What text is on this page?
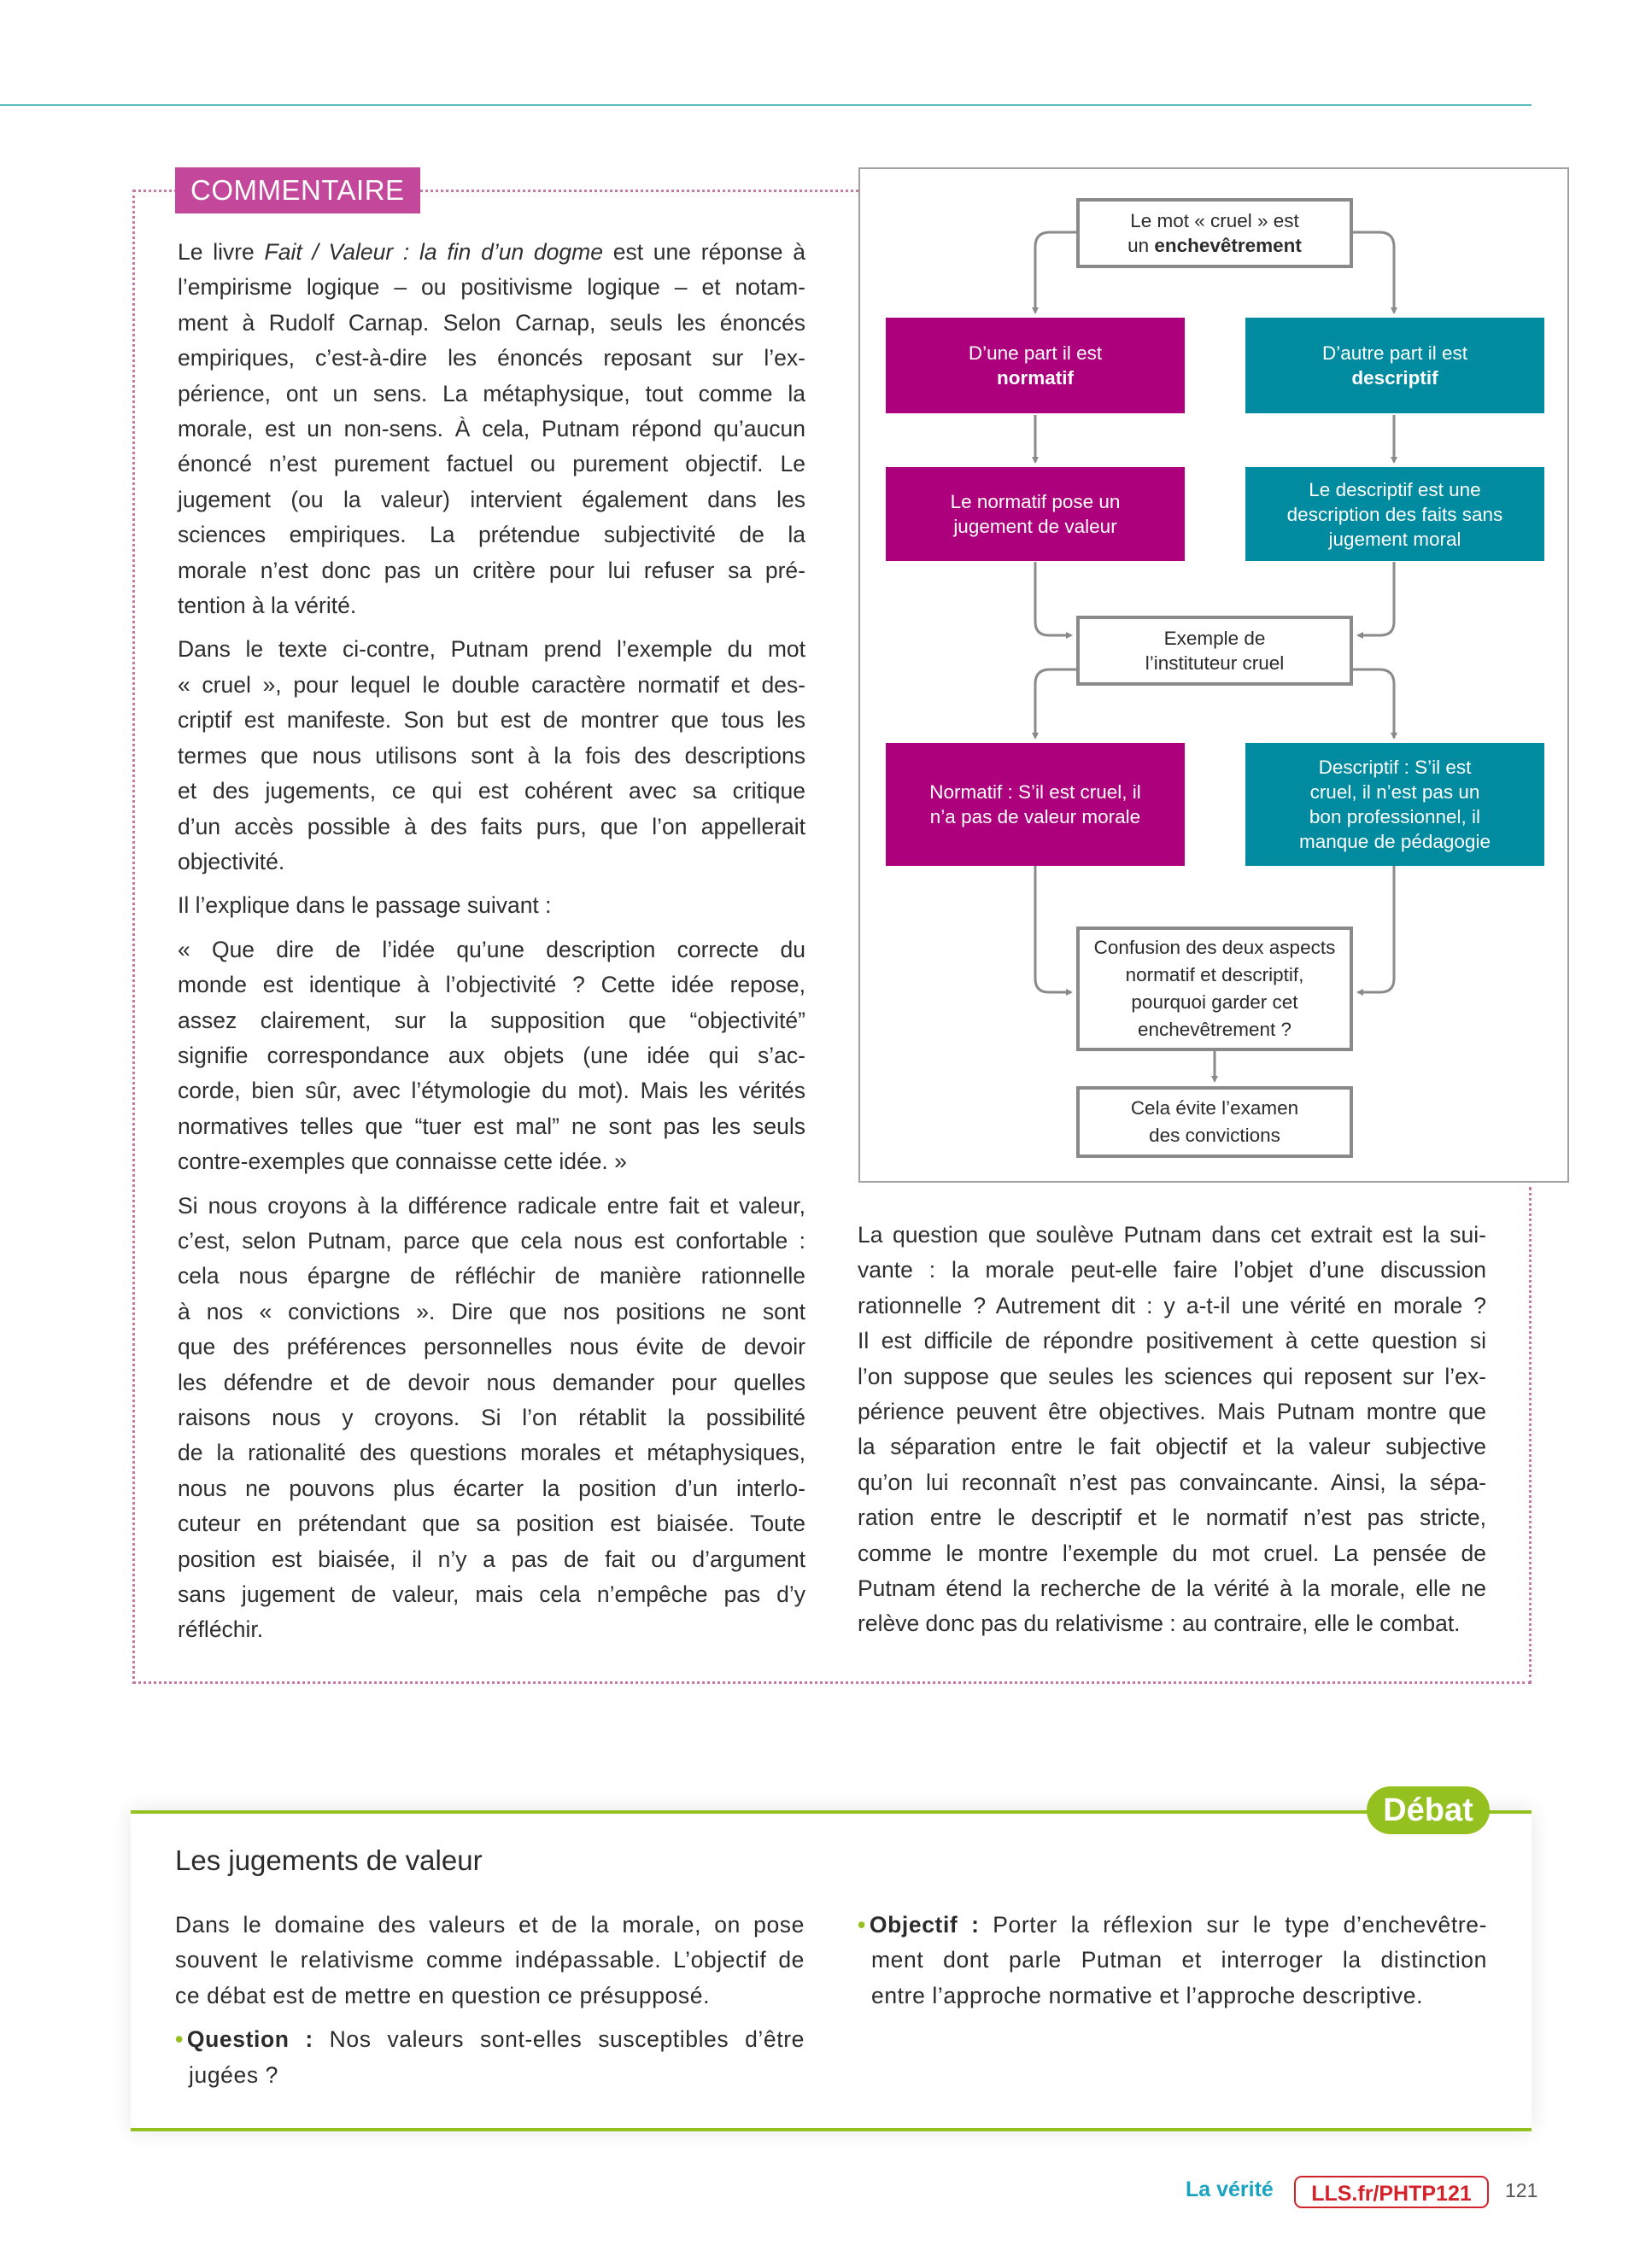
COMMENTAIRE
Le livre Fait / Valeur : la fin d’un dogme est une réponse à
l’empirisme logique – ou positivisme logique – et notam-
ment à Rudolf Carnap. Selon Carnap, seuls les énoncés
empiriques, c’est-à-dire les énoncés reposant sur l’ex-
périence, ont un sens. La métaphysique, tout comme la
morale, est un non-sens. À cela, Putnam répond qu’aucun
énoncé n’est purement factuel ou purement objectif. Le
jugement (ou la valeur) intervient également dans les
sciences empiriques. La prétendue subjectivité de la
morale n’est donc pas un critère pour lui refuser sa pré-
tention à la vérité.
Dans le texte ci-contre, Putnam prend l’exemple du mot
« cruel », pour lequel le double caractère normatif et des-
criptif est manifeste. Son but est de montrer que tous les
termes que nous utilisons sont à la fois des descriptions
et des jugements, ce qui est cohérent avec sa critique
d’un accès possible à des faits purs, que l’on appellerait
objectivité.
Il l’explique dans le passage suivant :
« Que dire de l’idée qu’une description correcte du
monde est identique à l’objectivité ? Cette idée repose,
assez clairement, sur la supposition que “objectivité”
signifie correspondance aux objets (une idée qui s’ac-
corde, bien sûr, avec l’étymologie du mot). Mais les vérités
normatives telles que “tuer est mal” ne sont pas les seuls
contre-exemples que connaisse cette idée. »
Si nous croyons à la différence radicale entre fait et valeur,
c’est, selon Putnam, parce que cela nous est confortable :
cela nous épargne de réfléchir de manière rationnelle
à nos « convictions ». Dire que nos positions ne sont
que des préférences personnelles nous évite de devoir
les défendre et de devoir nous demander pour quelles
raisons nous y croyons. Si l’on rétablit la possibilité
de la rationalité des questions morales et métaphysiques,
nous ne pouvons plus écarter la position d’un interlo-
cuteur en prétendant que sa position est biaisée. Toute
position est biaisée, il n’y a pas de fait ou d’argument
sans jugement de valeur, mais cela n’empêche pas d’y
réfléchir.
La question que soulève Putnam dans cet extrait est la sui-
vante : la morale peut-elle faire l’objet d’une discussion
rationnelle ? Autrement dit : y a-t-il une vérité en morale ?
Il est difficile de répondre positivement à cette question si
l’on suppose que seules les sciences qui reposent sur l’ex-
périence peuvent être objectives. Mais Putnam montre que
la séparation entre le fait objectif et la valeur subjective
qu’on lui reconnaît n’est pas convaincante. Ainsi, la sépa-
ration entre le descriptif et le normatif n’est pas stricte,
comme le montre l’exemple du mot cruel. La pensée de
Putnam étend la recherche de la vérité à la morale, elle ne
relève donc pas du relativisme : au contraire, elle le combat.
Le mot « cruel » est
un enchevêtrement
D’une part il est
normatif
D’autre part il est
descriptif
Le normatif pose un
jugement de valeur
Le descriptif est une
description des faits sans
jugement moral
Exemple de
l’instituteur cruel
Normatif : S’il est cruel, il
n’a pas de valeur morale
Descriptif : S’il est
cruel, il n’est pas un
bon professionnel, il
manque de pédagogie
Confusion des deux aspects
normatif et descriptif,
pourquoi garder cet
enchevêtrement ?
Cela évite l’examen
des convictions
Débat
Les jugements de valeur
Dans le domaine des valeurs et de la morale, on pose
souvent le relativisme comme indépassable. L’objectif de
ce débat est de mettre en question ce présupposé.
• Question : Nos valeurs sont-elles susceptibles d’être
jugées ?
• Objectif : Porter la réflexion sur le type d’enchevêtre-
ment dont parle Putman et interroger la distinction
entre l’approche normative et l’approche descriptive.
La vérité	LLS.fr/PHTP121	121
